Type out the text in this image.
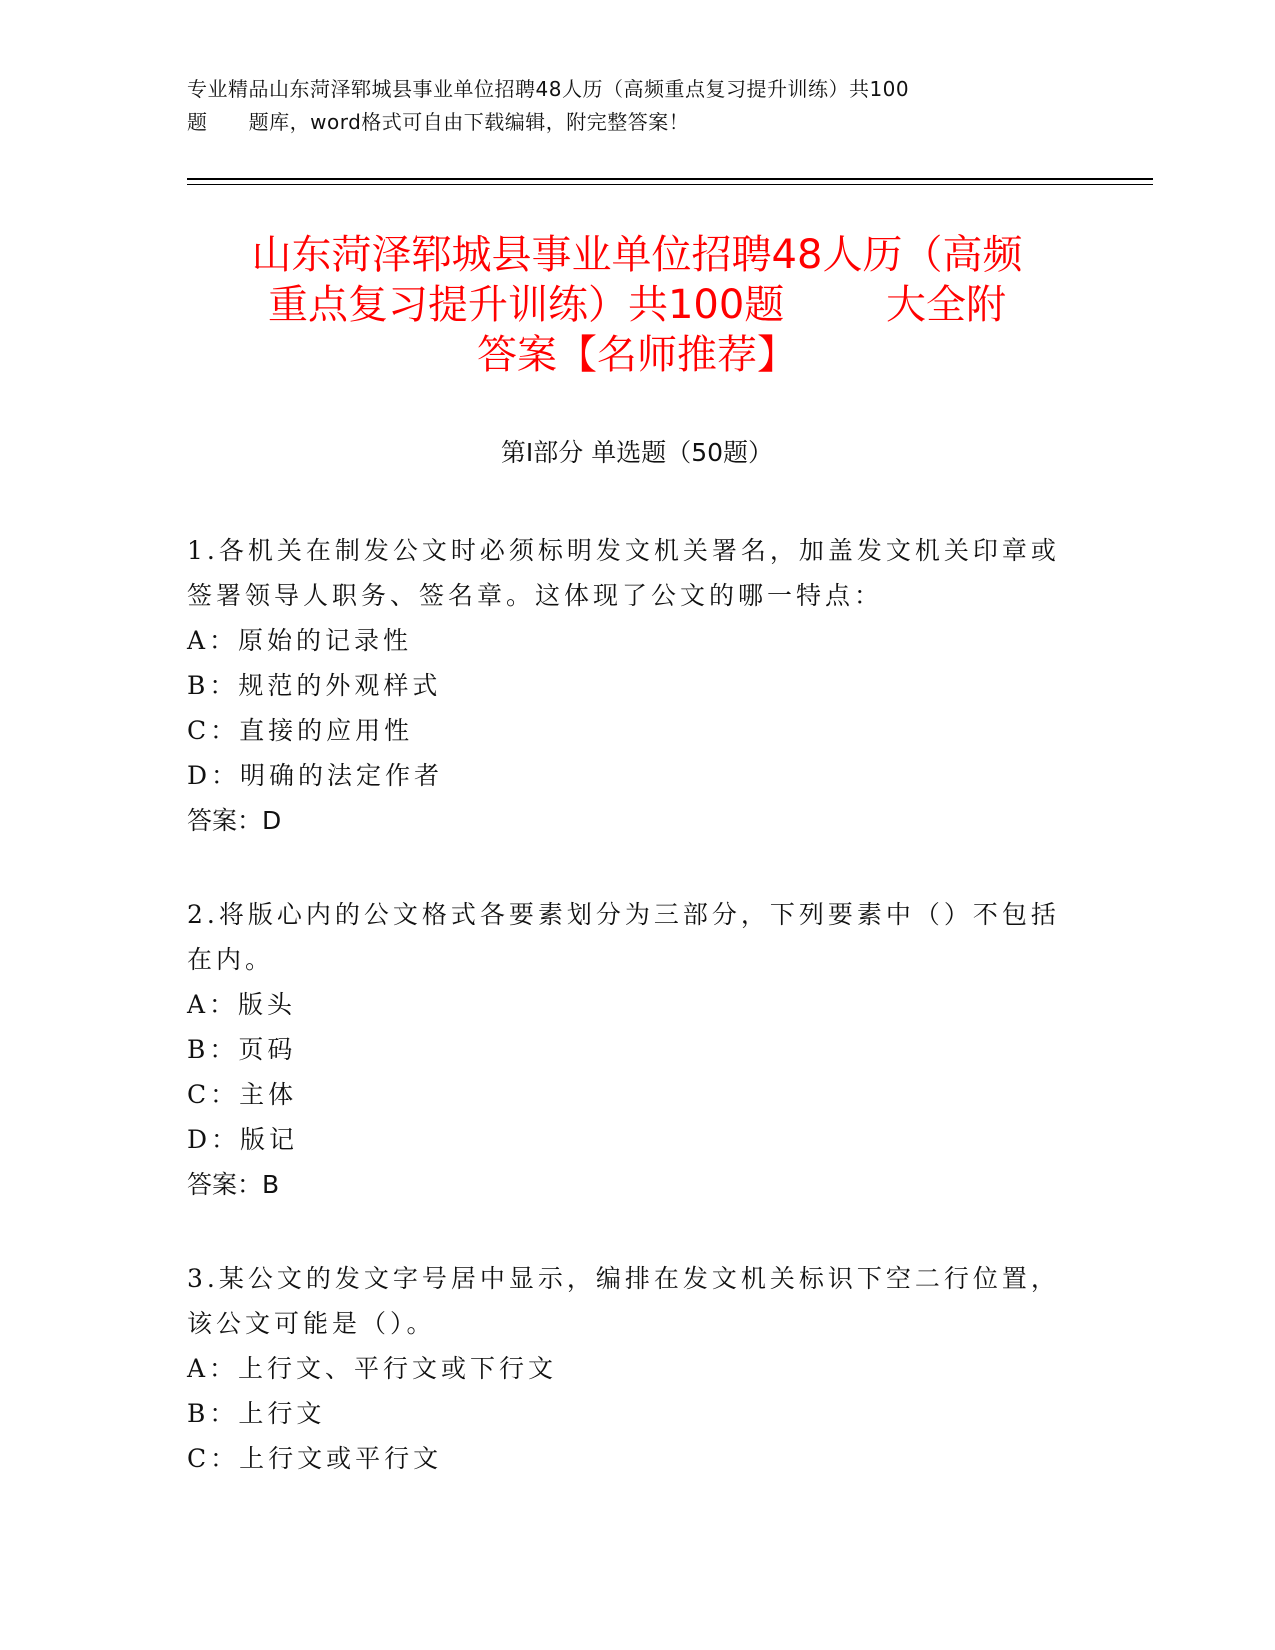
专业精品山东菏泽郓城县事业单位招聘48人历（高频重点复习提升训练）共100
题      题库，word格式可自由下载编辑，附完整答案！
山东菏泽郓城县事业单位招聘48人历（高频
重点复习提升训练）共100题        大全附
答案【名师推荐】
第Ⅰ部分 单选题（50题）
1.各机关在制发公文时必须标明发文机关署名，加盖发文机关印章或
签署领导人职务、签名章。这体现了公文的哪一特点：
A：原始的记录性
B：规范的外观样式
C：直接的应用性
D：明确的法定作者
答案：D
2.将版心内的公文格式各要素划分为三部分，下列要素中（）不包括
在内。
A：版头
B：页码
C：主体
D：版记
答案：B
3.某公文的发文字号居中显示，编排在发文机关标识下空二行位置，
该公文可能是（）。
A：上行文、平行文或下行文
B：上行文
C：上行文或平行文
